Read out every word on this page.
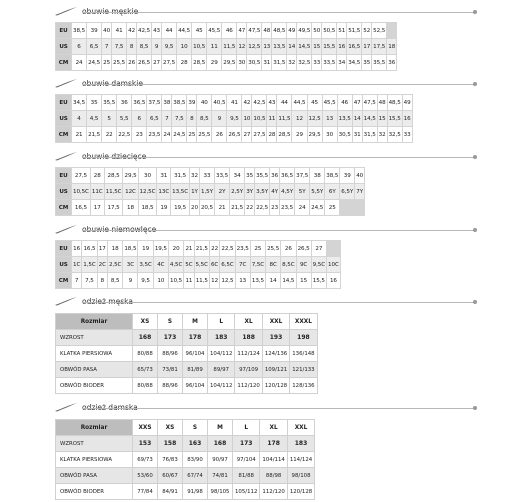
obuwie męskie
EU	38,5	39	40	41	42	42,5	43	44	44,5	45	45,5	46	47	47,5	48	48,5	49	49,5	50	50,5	51	51,5	52	52,5	
US	6	6,5	7	7,5	8	8,5	9	9,5	10	10,5	11	11,5	12	12,5	13	13,5	14	14,5	15	15,5	16	16,5	17	17,5	18
CM	24	24,5	25	25,5	26	26,5	27	27,5	28	28,5	29	29,5	30	30,5	31	31,5	32	32,5	33	33,5	34	34,5	35	35,5	36
obuwie damskie
EU	34,5	35	35,5	36	36,5	37,5	38	38,5	39	40	40,5	41	42	42,5	43	44	44,5	45	45,5	46	47	47,5	48	48,5	49
US	4	4,5	5	5,5	6	6,5	7	7,5	8	8,5	9	9,5	10	10,5	11	11,5	12	12,5	13	13,5	14	14,5	15	15,5	16
CM	21	21,5	22	22,5	23	23,5	24	24,5	25	25,5	26	26,5	27	27,5	28	28,5	29	29,5	30	30,5	31	31,5	32	32,5	33
obuwie dziecięce
EU	27,5	28	28,5	29,5	30	31	31,5	32	33	33,5	34	35	35,5	36	36,5	37,5	38	38,5	39	40
US	10,5C	11C	11,5C	12C	12,5C	13C	13,5C	1Y	1,5Y	2Y	2,5Y	3Y	3,5Y	4Y	4,5Y	5Y	5,5Y	6Y	6,5Y	7Y
CM	16,5	17	17,5	18	18,5	19	19,5	20	20,5	21	21,5	22	22,5	23	23,5	24	24,5	25		
obuwie niemowlęce
EU	16	16,5	17	18	18,5	19	19,5	20	21	21,5	22	22,5	23,5	25	25,5	26	26,5	27	
US	1C	1,5C	2C	2,5C	3C	3,5C	4C	4,5C	5C	5,5C	6C	6,5C	7C	7,5C	8C	8,5C	9C	9,5C	10C
CM	7	7,5	8	8,5	9	9,5	10	10,5	11	11,5	12	12,5	13	13,5	14	14,5	15	15,5	16
odzież męska
Rozmiar	XS	S	M	L	XL	XXL	XXXL
WZROST	168	173	178	183	188	193	198
KLATKA PIERSIOWA	80/88	88/96	96/104	104/112	112/124	124/136	136/148
OBWÓD PASA	65/73	73/81	81/89	89/97	97/109	109/121	121/133
OBWÓD BIODER	80/88	88/96	96/104	104/112	112/120	120/128	128/136
odzież damska
Rozmiar	XXS	XS	S	M	L	XL	XXL
WZROST	153	158	163	168	173	178	183
KLATKA PIERSIOWA	69/73	76/83	83/90	90/97	97/104	104/114	114/124
OBWÓD PASA	53/60	60/67	67/74	74/81	81/88	88/98	98/108
OBWÓD BIODER	77/84	84/91	91/98	98/105	105/112	112/120	120/128
